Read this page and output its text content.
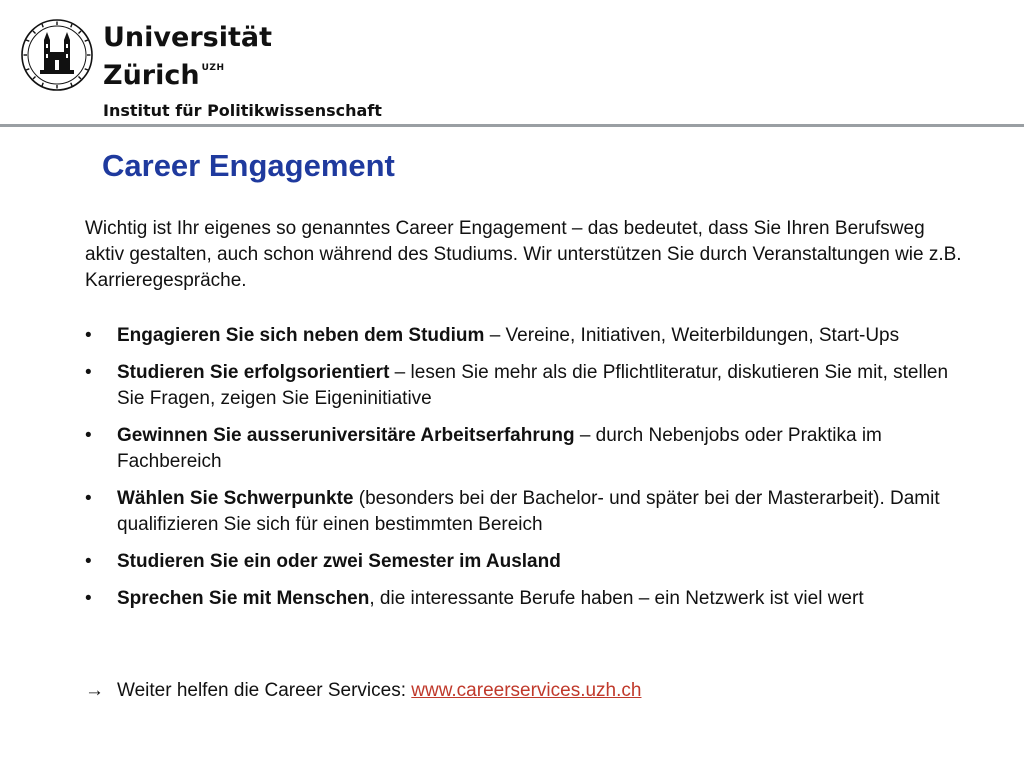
Universität
Zürich $^{UZH}$
Institut für Politikwissenschaft
Career Engagement
Wichtig ist Ihr eigenes so genanntes Career Engagement – das bedeutet, dass Sie Ihren Berufsweg aktiv gestalten, auch schon während des Studiums. Wir unterstützen Sie durch Veranstaltungen wie z.B. Karrieregespräche.
•	Engagieren Sie sich neben dem Studium – Vereine, Initiativen, Weiterbildungen, Start-Ups
•	Studieren Sie erfolgsorientiert – lesen Sie mehr als die Pflichtliteratur, diskutieren Sie mit, stellen Sie Fragen, zeigen Sie Eigeninitiative
•	Gewinnen Sie ausseruniversitäre Arbeitserfahrung – durch Nebenjobs oder Praktika im Fachbereich
•	Wählen Sie Schwerpunkte (besonders bei der Bachelor- und später bei der Masterarbeit). Damit qualifizieren Sie sich für einen bestimmten Bereich
•	Studieren Sie ein oder zwei Semester im Ausland
•	Sprechen Sie mit Menschen, die interessante Berufe haben – ein Netzwerk ist viel wert
→ Weiter helfen die Career Services: www.careerservices.uzh.ch
